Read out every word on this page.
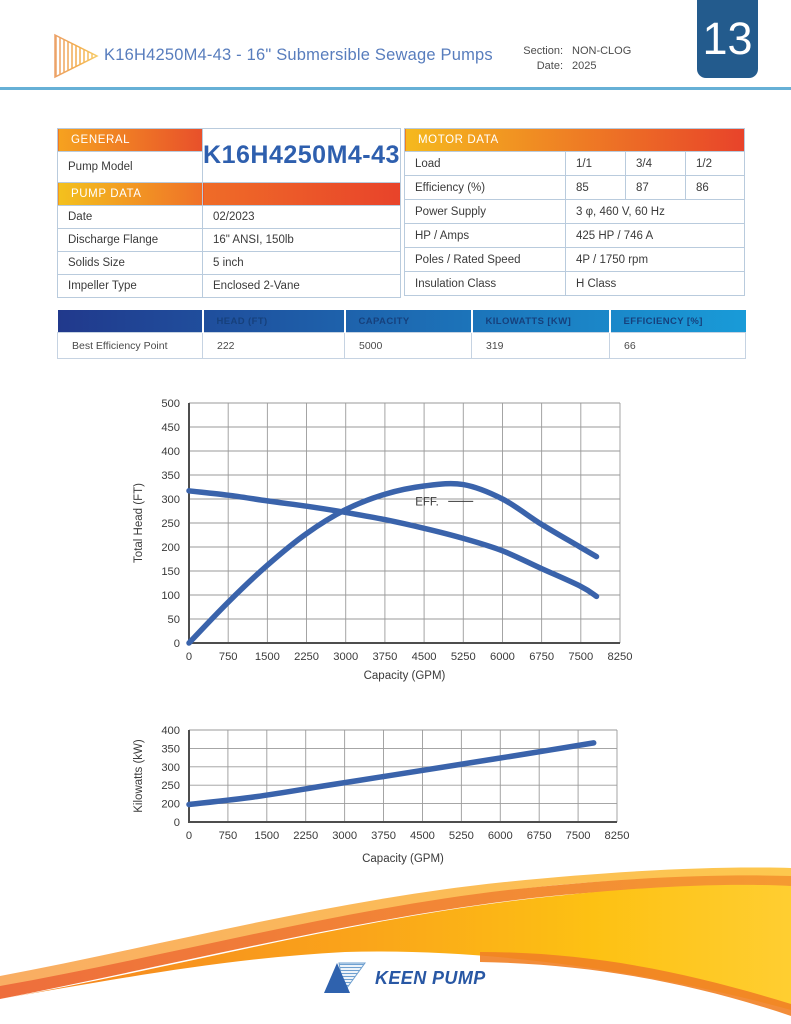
K16H4250M4-43 - 16" Submersible Sewage Pumps	Section: NON-CLOG
Date: 2025
13
GENERAL	K16H4250M4-43
Pump Model	
PUMP DATA	
Date	02/2023
Discharge Flange	16" ANSI, 150lb
Solids Size	5 inch
Impeller Type	Enclosed 2-Vane
MOTOR DATA			
Load	1/1	3/4	1/2
Efficiency (%)	85	87	86
Power Supply	3 φ, 460 V, 60 Hz		
HP / Amps	425 HP / 746 A		
Poles / Rated Speed	4P / 1750 rpm		
Insulation Class	H Class		
	HEAD (FT)	CAPACITY	KILOWATTS [KW]	EFFICIENCY [%]
Best Efficiency Point	222	5000	319	66
0 750 1500 2250 3000 3750 4500 5250 6000 6750 7500 8250
0
50
100
150
200
250
300
350
400
450
500
EFF.
Capacity (GPM)
Total Head (FT)
0 750 1500 2250 3000 3750 4500 5250 6000 6750 7500 8250
0
200
250
300
350
400
Capacity (GPM)
Kilowatts (kW)
KEEN PUMP
